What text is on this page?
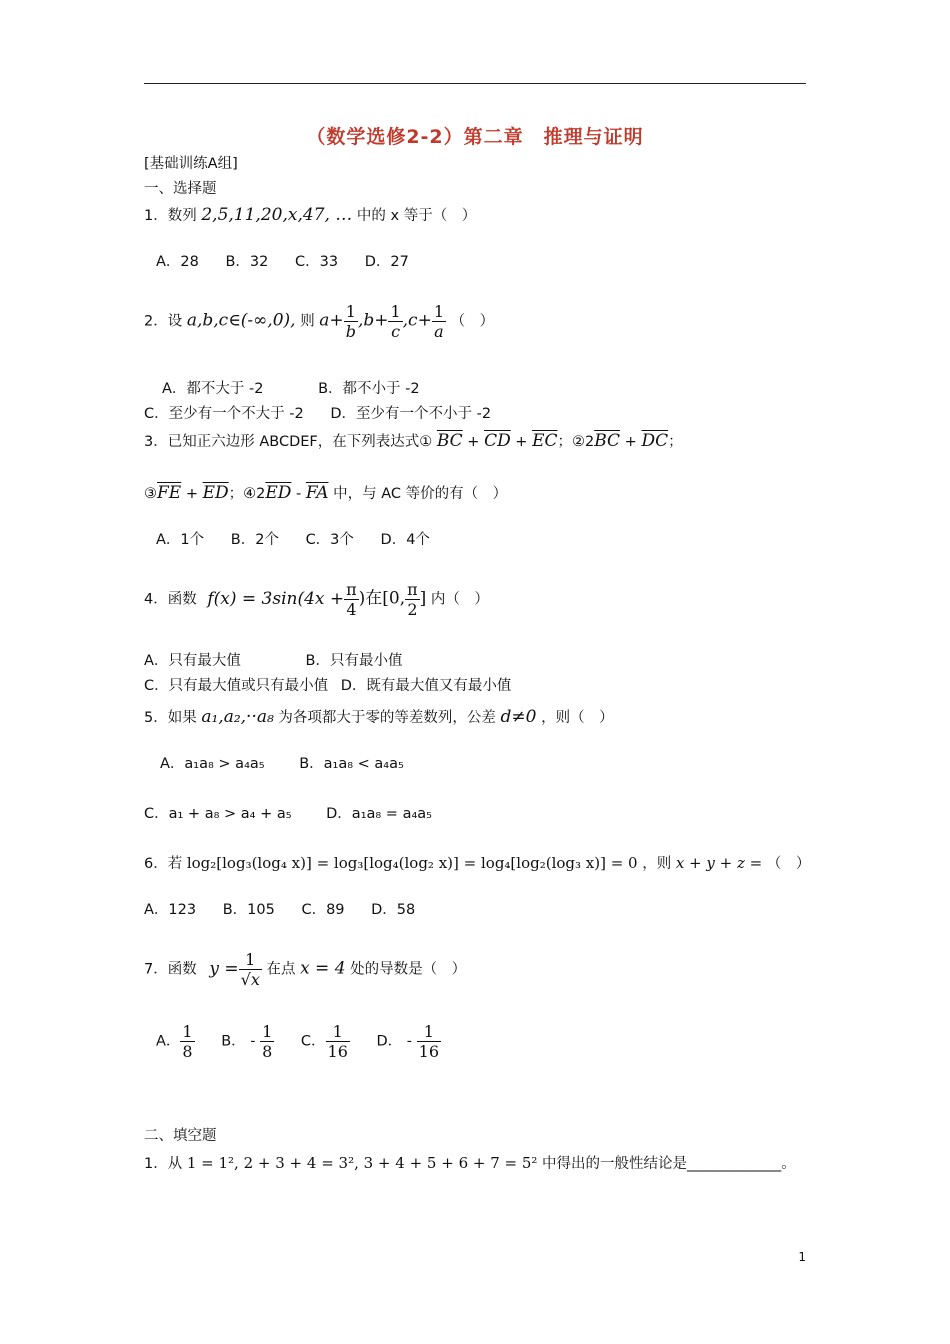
（数学选修2-2）第二章　推理与证明
[基础训练A组]
一、选择题
1．数列 2,5,11,20,x,47, … 中的 x 等于（　）
A．28 B．32 C．33 D．27
2．设 a,b,c∈(-∞,0), 则 $a+ \frac{1}{b} ,b+ \frac{1}{c} ,c+ \frac{1}{a}$ （　）
A．都不大于 -2	B．都不小于 -2
C．至少有一个不大于 -2 D．至少有一个不小于 -2
3．已知正六边形 ABCDEF，在下列表达式① $\overline{BC} + \overline{CD} + \overline{EC}$；$②2\overline{BC} + \overline{DC}$；
$③\overline{FE} + \overline{ED}$；$④2\overline{ED} - \overline{FA}$ 中，与 AC 等价的有（　）
A．1个 B．2个 C．3个 D．4个
4．函数 $f(x) = 3\sin(4x + \frac{\pi}{4}$ )在[0, $\frac{\pi}{2}$ ] 内（　）
A．只有最大值	B．只有最小值
C．只有最大值或只有最小值 D．既有最大值又有最小值
5．如果 a₁,a₂,··a₈ 为各项都大于零的等差数列，公差 d≠0 ，则（　）
A．a₁a₈ > a₄a₅ B．a₁a₈ < a₄a₅
C．a₁ + a₈ > a₄ + a₅ D．a₁a₈ = a₄a₅
6．若 log₂[log₃(log₄ x)] = log₃[log₄(log₂ x)] = log₄[log₂(log₃ x)] = 0 ，则 x + y + z = （　）
A．123 B．105 C．89 D．58
7．函数 $y = \frac{1}{√x}$ 在点 x = 4 处的导数是（　）
A． $\frac{1}{8}$ B． - $\frac{1}{8}$ C． $\frac{1}{16}$ D． - $\frac{1}{16}$
二、填空题
1．从 1 = 1², 2 + 3 + 4 = 3², 3 + 4 + 5 + 6 + 7 = 5² 中得出的一般性结论是_____________。
1
